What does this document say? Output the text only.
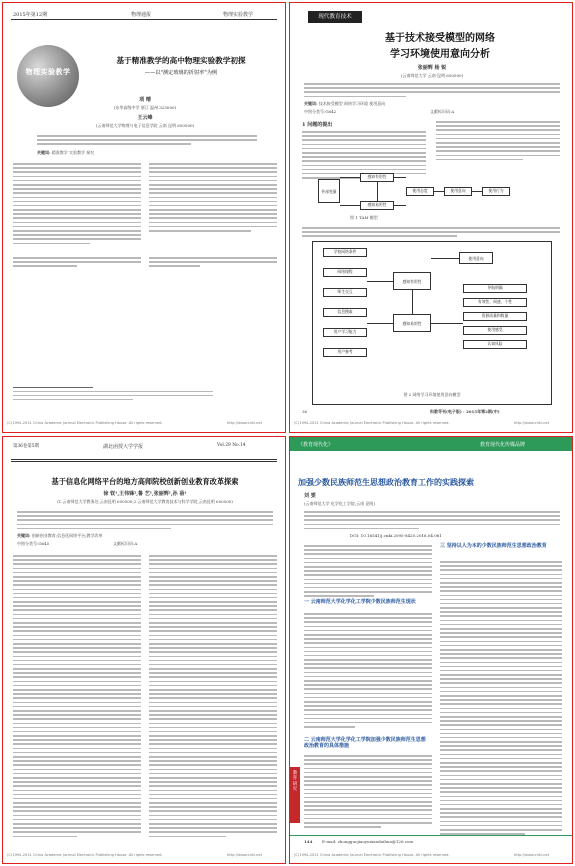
2015年第12期	物理通报	物理实验教学
物理实验教学
基于精准教学的高中物理实验教学初探
——以"测定玻璃的折射率"为例
项 晴
(东华高级中学 浙江 温州 325000)
王云峰
(云南师范大学物理与电子信息学院 云南 昆明 650500)
关键词: 精准教学 实验教学 探究
(C)1994-2021 China Academic Journal Electronic Publishing House. All rights reserved.	http://www.cnki.net
现代教育技术
基于技术接受模型的网络
学习环境使用意向分析
张丽辉 杨 锐
(云南师范大学 云南·昆明 650500)
关键词: 技术接受模型 网络学习环境 使用意向
中图分类号:G642	文献标识码:A
1 问题的提出
外部变量
感知有用性
感知易用性
使用态度	使用意向	使用行为
图 1 TAM 模型
学校网络条件
网络课程
师生交互
信息搜索
用户学习能力
用户参考
感知有用性
感知易用性
使用意向
导航明确
有效性、网速、个性
资源质量和数量
使用感受
认知风险
图 2 网络学习环境使用意向模型
36	科教导刊(电子版) · 2015年第2期(中)
(C)1994-2021 China Academic Journal Electronic Publishing House. All rights reserved.	http://www.cnki.net
第36卷第5期	湖北函授大学学报	Vol.29 No.14
基于信息化网络平台的地方高师院校创新创业教育改革探索
徐 钗¹,王伟锋²,鲁 艺¹,张丽辉¹,孙 蓓¹
(1.云南师范大学教务处,云南昆明 650500;2.云南师范大学教育技术与科学学院,云南昆明 650500)
关键词: 创新创业教育;信息化网络平台;教学改革
中图分类号:G645	文献标识码:A
(C)1994-2021 China Academic Journal Electronic Publishing House. All rights reserved.	http://www.cnki.net
《教育现代化》	教育现代化传媒品牌
加强少数民族师范生思想政治教育工作的实践探索
刘 雯
(云南师范大学 化学化工学院,云南 昆明)
DOI: 10.16541/j.cnki.2095-8420.2016.04.061
一 云南师范大学化学化工学院少数民族师范生现状
二 云南师范大学化学化工学院加强少数民族师范生思想政治教育的具体措施
三 坚持以人为本的少数民族师范生思想政治教育
教育研究
144 E-mail: zhongguojiaoyuxiandaihua@126.com
(C)1994-2021 China Academic Journal Electronic Publishing House. All rights reserved.	http://www.cnki.net
